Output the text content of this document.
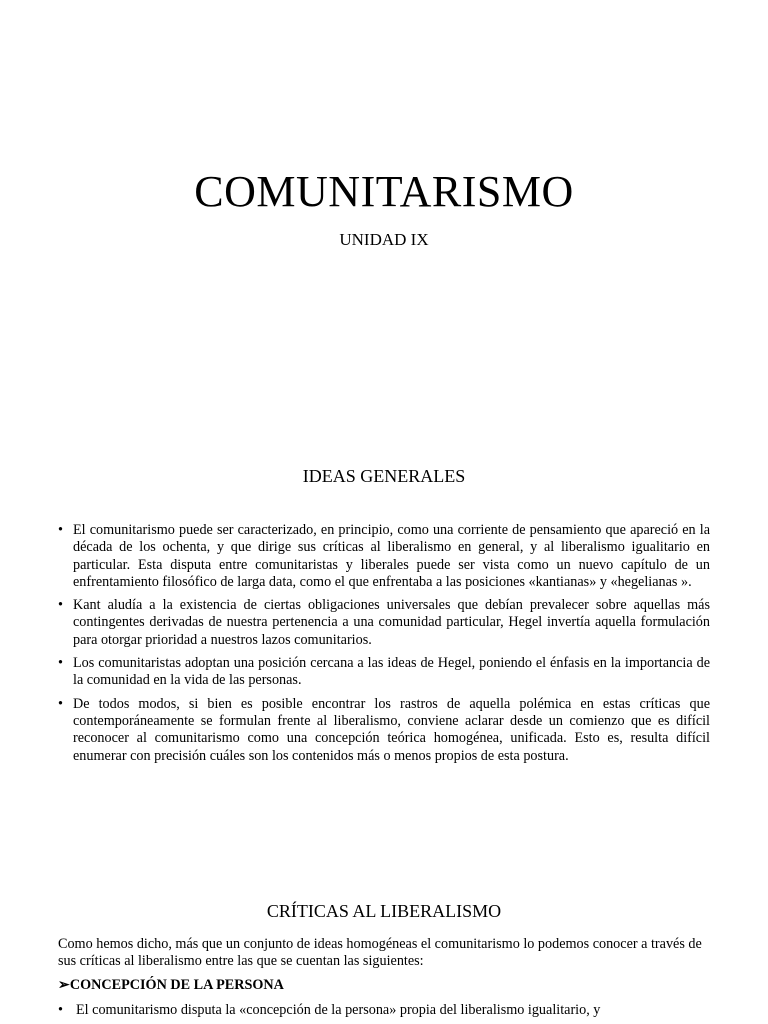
COMUNITARISMO

UNIDAD IX

IDEAS GENERALES
• El comunitarismo puede ser caracterizado, en principio, como una corriente de pensamiento que apareció en la década de los ochenta, y que dirige sus críticas al liberalismo en general, y al liberalismo igualitario en particular. Esta disputa entre comunitaristas y liberales puede ser vista como un nuevo capítulo de un enfrentamiento filosófico de larga data, como el que enfrentaba a las posiciones «kantianas» y «hegelianas ».
• Kant aludía a la existencia de ciertas obligaciones universales que debían prevalecer sobre aquellas más contingentes derivadas de nuestra pertenencia a una comunidad particular, Hegel invertía aquella formulación para otorgar prioridad a nuestros lazos comunitarios.
• Los comunitaristas adoptan una posición cercana a las ideas de Hegel, poniendo el énfasis en la importancia de la comunidad en la vida de las personas.
• De todos modos, si bien es posible encontrar los rastros de aquella polémica en estas críticas que contemporáneamente se formulan frente al liberalismo, conviene aclarar desde un comienzo que es difícil reconocer al comunitarismo como una concepción teórica homogénea, unificada. Esto es, resulta difícil enumerar con precisión cuáles son los contenidos más o menos propios de esta postura.
CRÍTICAS AL LIBERALISMO

Como hemos dicho, más que un conjunto de ideas homogéneas el comunitarismo lo podemos conocer a través de sus críticas al liberalismo entre las que se cuentan las siguientes:

➢CONCEPCIÓN DE LA PERSONA

• El comunitarismo disputa la «concepción de la persona» propia del liberalismo igualitario, y
